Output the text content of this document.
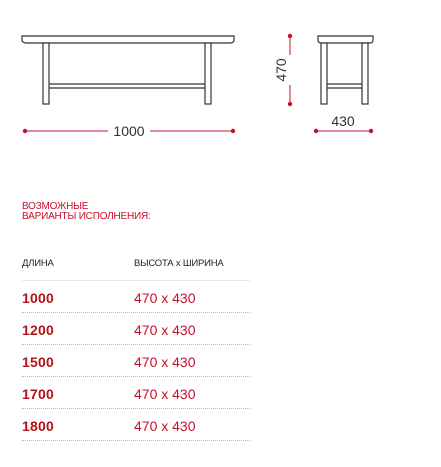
1000
470
430
ВОЗМОЖНЫЕ
ВАРИАНТЫ ИСПОЛНЕНИЯ:
ДЛИНА	ВЫСОТА х ШИРИНА
1000	470 x 430
1200	470 x 430
1500	470 x 430
1700	470 x 430
1800	470 x 430
